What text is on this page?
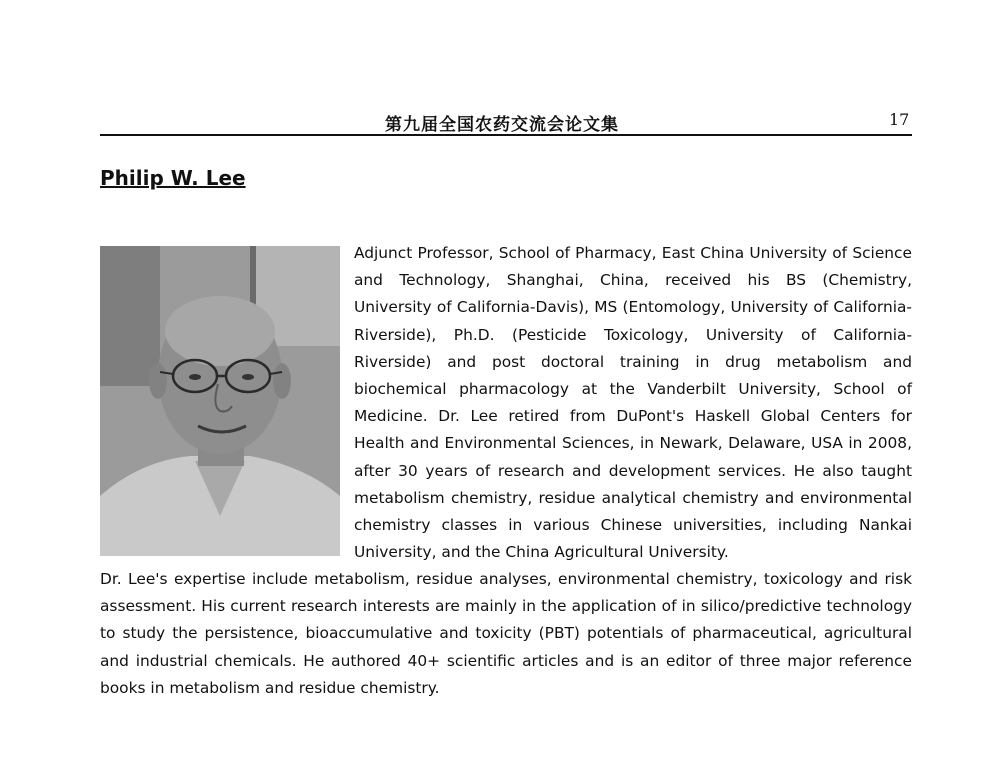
第九届全国农药交流会论文集	17
Philip W. Lee

Adjunct Professor, School of Pharmacy, East China University of Science and Technology, Shanghai, China, received his BS (Chemistry, University of California-Davis), MS (Entomology, University of California-Riverside), Ph.D. (Pesticide Toxicology, University of California-Riverside) and post doctoral training in drug metabolism and biochemical pharmacology at the Vanderbilt University, School of Medicine. Dr. Lee retired from DuPont's Haskell Global Centers for Health and Environmental Sciences, in Newark, Delaware, USA in 2008, after 30 years of research and development services. He also taught metabolism chemistry, residue analytical chemistry and environmental chemistry classes in various Chinese universities, including Nankai University, and the China Agricultural University.

Dr. Lee's expertise include metabolism, residue analyses, environmental chemistry, toxicology and risk assessment. His current research interests are mainly in the application of in silico/predictive technology to study the persistence, bioaccumulative and toxicity (PBT) potentials of pharmaceutical, agricultural and industrial chemicals. He authored 40+ scientific articles and is an editor of three major reference books in metabolism and residue chemistry.
